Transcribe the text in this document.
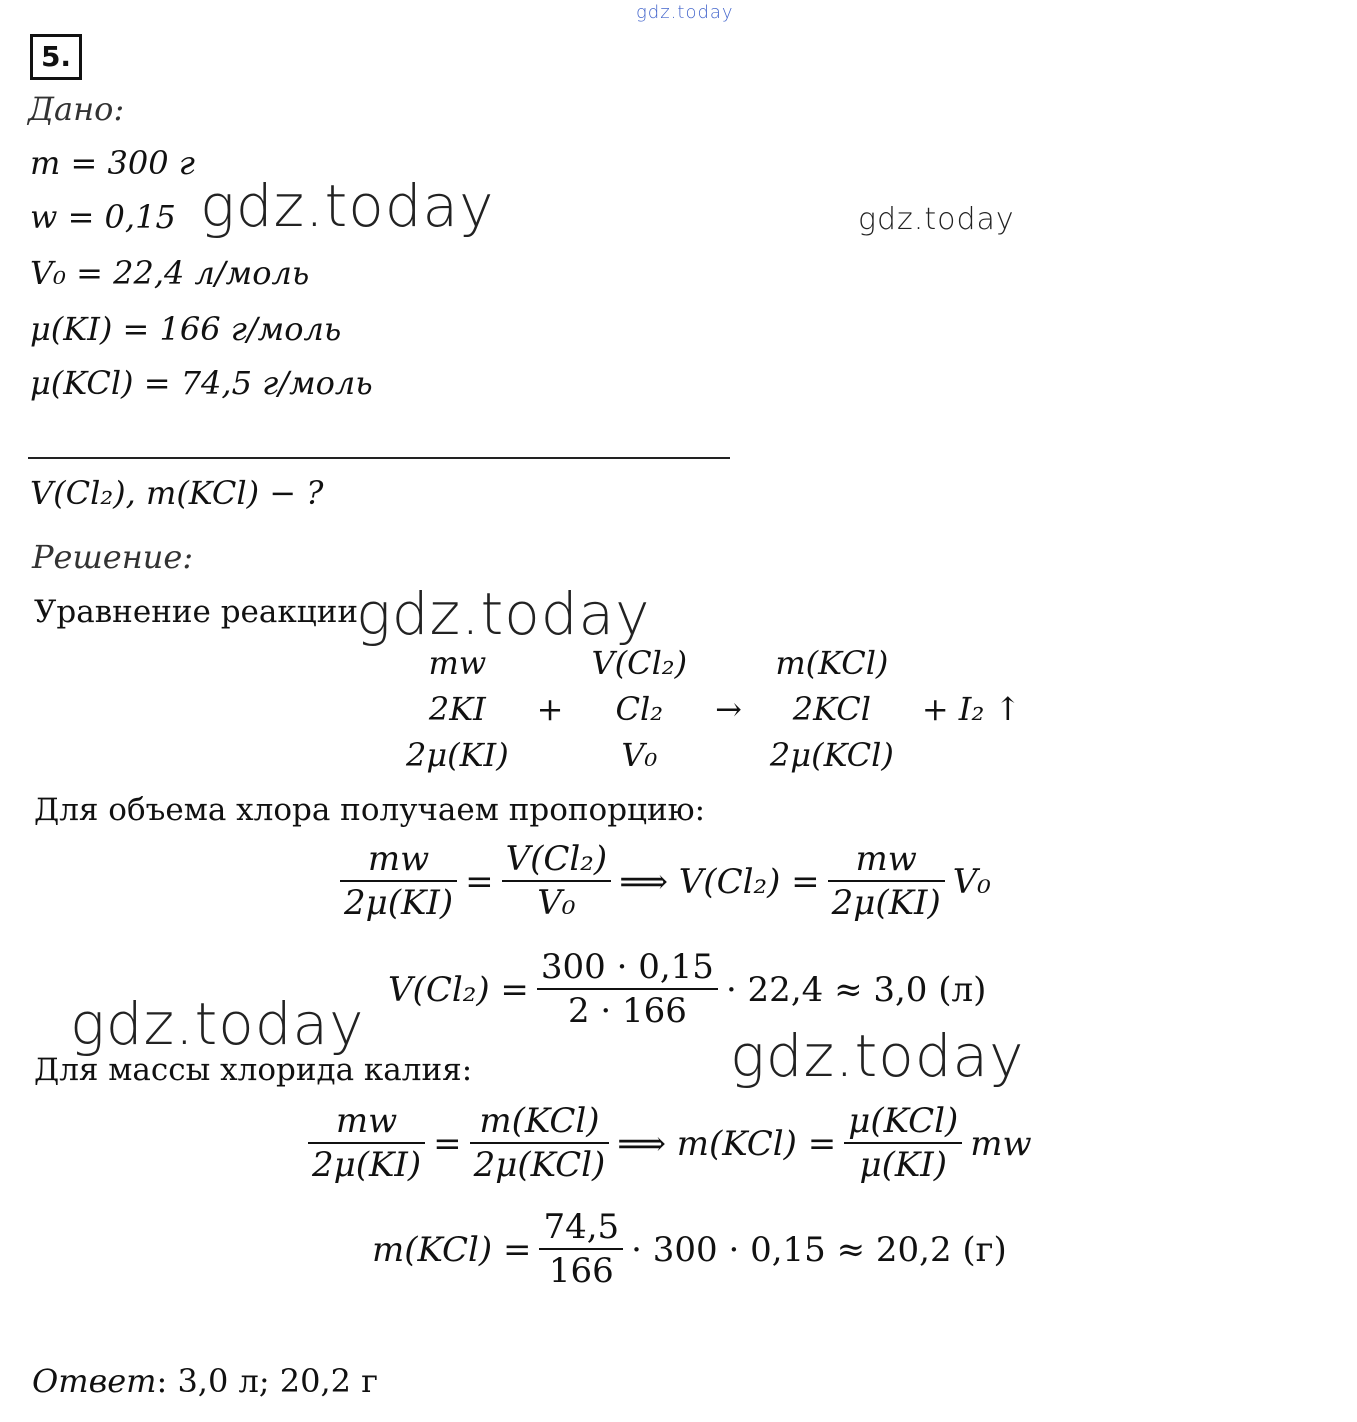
gdz.today
5.
Дано:
m = 300 г
w = 0,15
V₀ = 22,4 л/моль
μ(KI) = 166 г/моль
μ(KCl) = 74,5 г/моль
gdz.today	gdz.today
V(Cl₂), m(KCl) − ?
Решение:
Уравнение реакции
gdz.today
mw		V(Cl₂)		m(KCl)	
2KI	+	Cl₂	→	2KCl	+ I₂ ↑
2μ(KI)		V₀		2μ(KCl)	
Для объема хлора получаем пропорцию:
$\frac{mw}{2\mu(KI)} = \frac{\text{V(Cl₂)}}{\text{V₀}}$ ⟹ $V(Cl_2) = \frac{mw}{2\mu(KI)} V_0$
$V(Cl_2) = \frac{300 \cdot 0,15}{2 \cdot 166} \cdot 22,4 \approx 3,0$ (л)
gdz.today	gdz.today
Для массы хлорида калия:
$\frac{mw}{2\mu(KI)} = \frac{\text{m(KCl)}}{\text{2μ(KCl)}}$ ⟹ $m(KCl) = \frac{\text{μ(KCl)}}{\mu(KI)}$ mw
$m(KCl) = \frac{74,5}{166} \cdot 300 \cdot 0,15 \approx 20,2$ (г)
Ответ: 3,0 л; 20,2 г
